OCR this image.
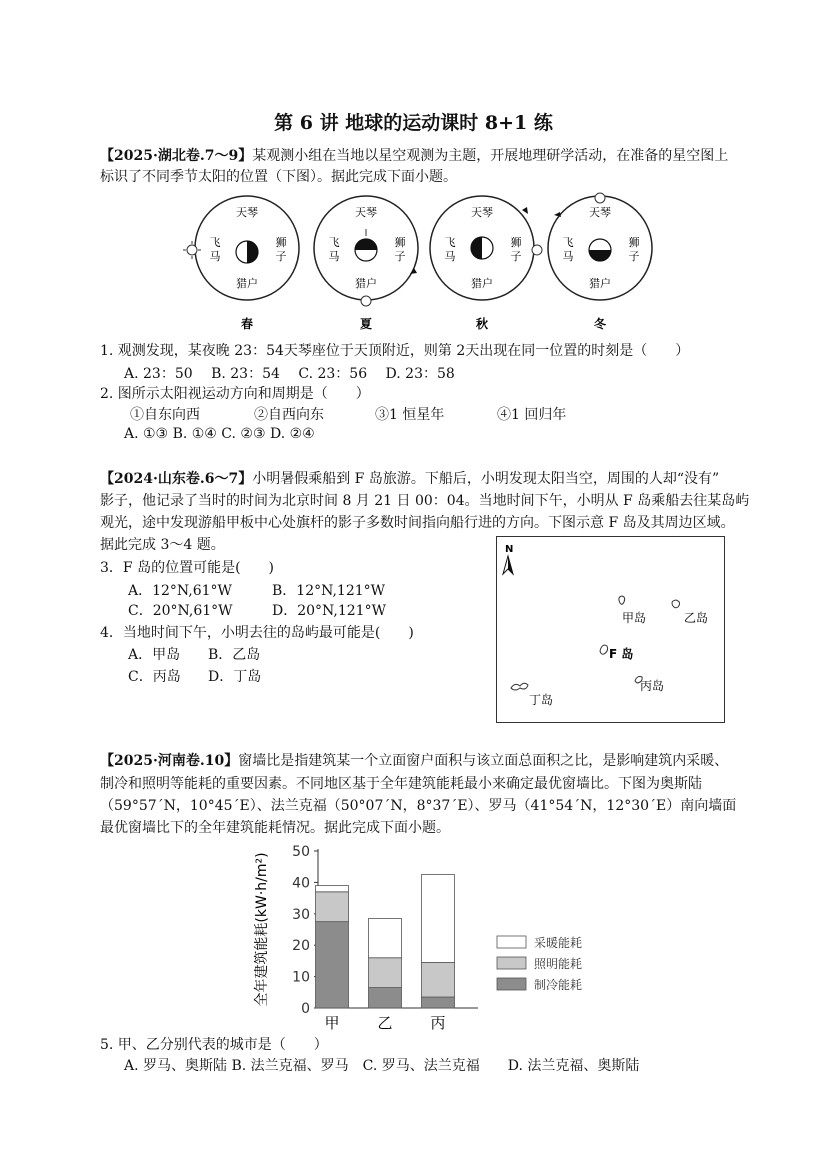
第 6 讲 地球的运动课时 8+1 练
【2025·湖北卷.7～9】某观测小组在当地以星空观测为主题，开展地理研学活动，在准备的星空图上
标识了不同季节太阳的位置（下图）。据此完成下面小题。
天琴
飞
马
狮
子
猎户
春
天琴
飞
马
狮
子
猎户
夏
天琴
飞
马
狮
子
猎户
秋
天琴
飞
马
狮
子
猎户
冬
1. 观测发现，某夜晚 23：54天琴座位于天顶附近，则第 2天出现在同一位置的时刻是（　　）
A. 23：50　 B. 23：54　 C. 23：56　 D. 23：58
2. 图所示太阳视运动方向和周期是（　　）
①自东向西	②自西向东	③1 恒星年	④1 回归年
A. ①③ B. ①④ C. ②③ D. ②④
【2024·山东卷.6～7】小明暑假乘船到 F 岛旅游。下船后，小明发现太阳当空，周围的人却“没有”
影子，他记录了当时的时间为北京时间 8 月 21 日 00：04。当地时间下午，小明从 F 岛乘船去往某岛屿
观光，途中发现游船甲板中心处旗杆的影子多数时间指向船行进的方向。下图示意 F 岛及其周边区域。
据此完成 3～4 题。
3．F 岛的位置可能是(　　)
A．12°N,61°W	B．12°N,121°W
C．20°N,61°W	D．20°N,121°W
4．当地时间下午，小明去往的岛屿最可能是(　　)
A．甲岛 B．乙岛
C．丙岛 D．丁岛
N
甲岛	乙岛
F 岛
丙岛
丁岛
【2025·河南卷.10】窗墙比是指建筑某一个立面窗户面积与该立面总面积之比，是影响建筑内采暖、
制冷和照明等能耗的重要因素。不同地区基于全年建筑能耗最小来确定最优窗墙比。下图为奥斯陆
（59°57ˊN，10°45ˊE）、法兰克福（50°07ˊN，8°37ˊE）、罗马（41°54ˊN，12°30ˊE）南向墙面
最优窗墙比下的全年建筑能耗情况。据此完成下面小题。
全年建筑能耗(kW·h/m²)
0
10
20
30
40
50
甲	乙	丙
采暖能耗
照明能耗
制冷能耗
5. 甲、乙分别代表的城市是（　　）
A. 罗马、奥斯陆 B. 法兰克福、罗马　C. 罗马、法兰克福　　D. 法兰克福、奥斯陆
